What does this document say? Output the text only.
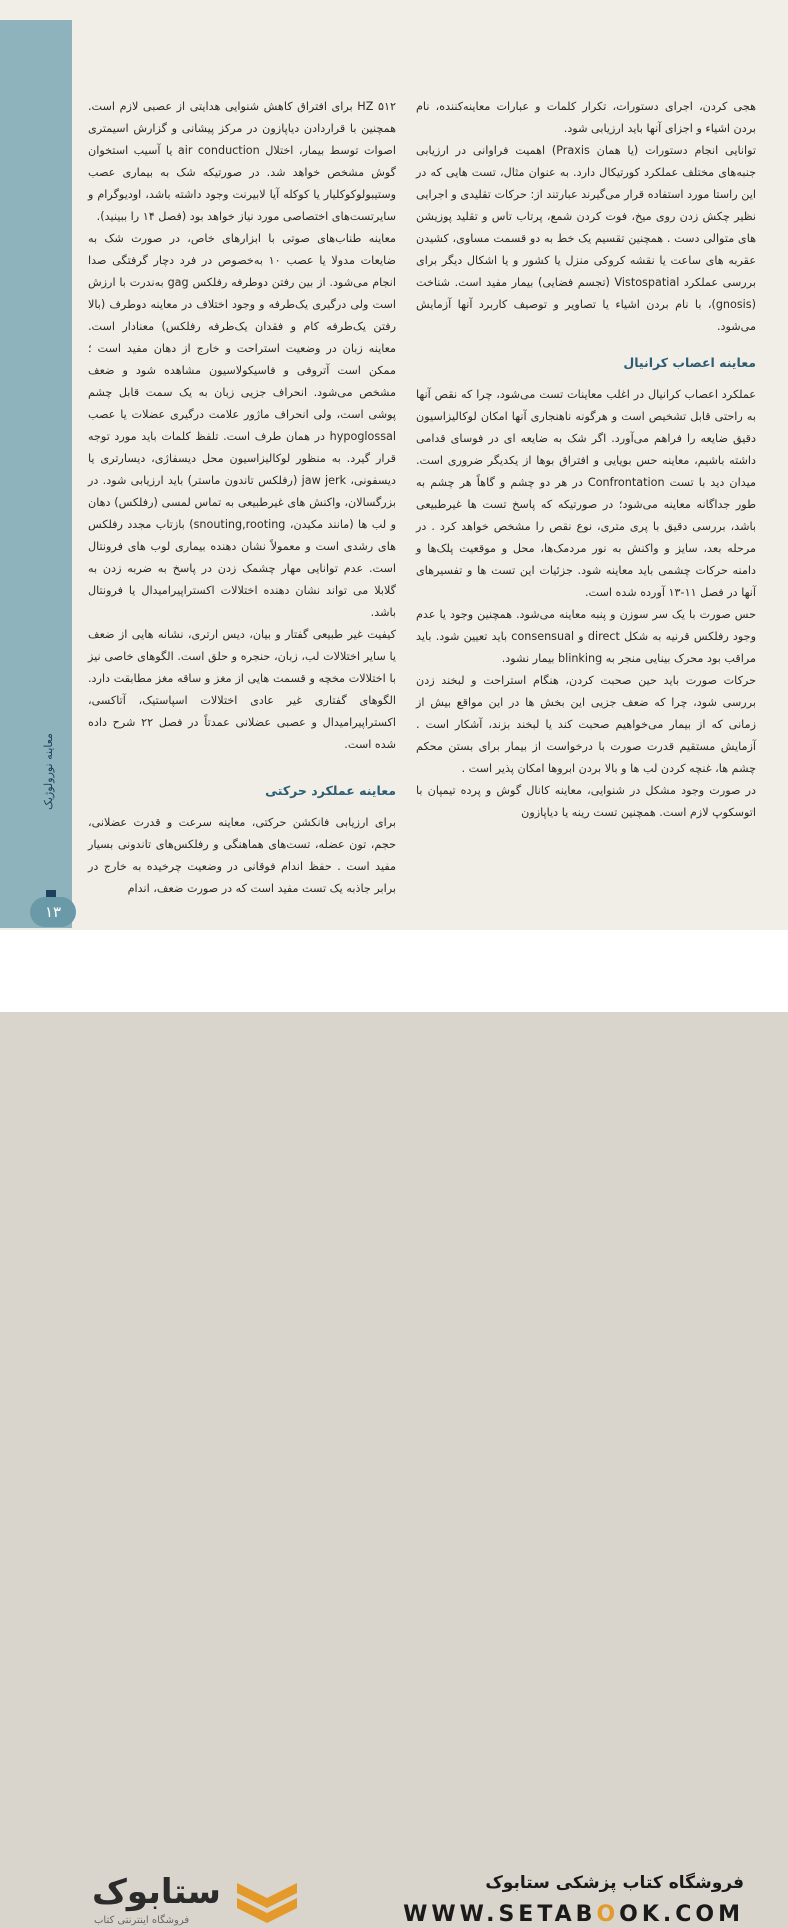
معاینه نورولوژیک
۱۳

هجی کردن، اجرای دستورات، تکرار کلمات و عبارات معاینه‌کننده، نام بردن اشیاء و اجزای آنها باید ارزیابی شود.

توانایی انجام دستورات (یا همان Praxis) اهمیت فراوانی در ارزیابی جنبه‌های مختلف عملکرد کورتیکال دارد. به عنوان مثال، تست هایی که در این راستا مورد استفاده قرار می‌گیرند عبارتند از: حرکات تقلیدی و اجرایی نظیر چکش زدن روی میخ، فوت کردن شمع، پرتاب تاس و تقلید پوزیشن های متوالی دست . همچنین تقسیم یک خط به دو قسمت مساوی، کشیدن عقربه های ساعت یا نقشه کروکی منزل یا کشور و یا اشکال دیگر برای بررسی عملکرد Vistospatial (تجسم فضایی) بیمار مفید است. شناخت (gnosis)، با نام بردن اشیاء یا تصاویر و توصیف کاربرد آنها آزمایش می‌شود.

معاینه اعصاب کرانیال

عملکرد اعصاب کرانیال در اغلب معاینات تست می‌شود، چرا که نقص آنها به راحتی قابل تشخیص است و هرگونه ناهنجاری آنها امکان لوکالیزاسیون دقیق ضایعه را فراهم می‌آورد. اگر شک به ضایعه ای در فوسای قدامی داشته باشیم، معاینه حس بویایی و افتراق بوها از یکدیگر ضروری است. میدان دید با تست Confrontation در هر دو چشم و گاهاً هر چشم به طور جداگانه معاینه می‌شود؛ در صورتیکه که پاسخ تست ها غیرطبیعی باشد، بررسی دقیق با پری متری، نوع نقص را مشخص خواهد کرد . در مرحله بعد، سایز و واکنش به نور مردمک‌ها، محل و موقعیت پلک‌ها و دامنه حرکات چشمی باید معاینه شود. جزئیات این تست ها و تفسیرهای آنها در فصل ۱۱-۱۳ آورده شده است.

حس صورت با یک سر سوزن و پنبه معاینه می‌شود. همچنین وجود یا عدم وجود رفلکس قرنیه به شکل direct و consensual باید تعیین شود. باید مراقب بود محرک بینایی منجر به blinking بیمار نشود.

حرکات صورت باید حین صحبت کردن، هنگام استراحت و لبخند زدن بررسی شود، چرا که ضعف جزیی این بخش ها در این مواقع بیش از زمانی که از بیمار می‌خواهیم صحبت کند یا لبخند بزند، آشکار است . آزمایش مستقیم قدرت صورت با درخواست از بیمار برای بستن محکم چشم ها، غنچه کردن لب ها و بالا بردن ابروها امکان پذیر است .

در صورت وجود مشکل در شنوایی، معاینه کانال گوش و پرده تیمپان با اتوسکوپ لازم است. همچنین تست رینه یا دیاپازون

۵۱۲ HZ برای افتراق کاهش شنوایی هدایتی از عصبی لازم است. همچنین با قراردادن دیاپازون در مرکز پیشانی و گزارش اسیمتری اصوات توسط بیمار، اختلال air conduction یا آسیب استخوان گوش مشخص خواهد شد. در صورتیکه شک به بیماری عصب وستیبولوکوکلیار یا کوکله آیا لابیرنت وجود داشته باشد، اودیوگرام و سایرتست‌های اختصاصی مورد نیاز خواهد بود (فصل ۱۴ را ببینید).

معاینه طناب‌های صوتی با ابزارهای خاص، در صورت شک به ضایعات مدولا یا عصب ۱۰ به‌خصوص در فرد دچار گرفتگی صدا انجام می‌شود. از بین رفتن دوطرفه رفلکس gag به‌ندرت با ارزش است ولی درگیری یک‌طرفه و وجود اختلاف در معاینه دوطرف (بالا رفتن یک‌طرفه کام و فقدان یک‌طرفه رفلکس) معنادار است. معاینه زبان در وضعیت استراحت و خارج از دهان مفید است ؛ممکن است آتروفی و فاسیکولاسیون مشاهده شود و ضعف مشخص می‌شود. انحراف جزیی زبان به یک سمت قابل چشم پوشی است، ولی انحراف ماژور علامت درگیری عضلات یا عصب hypoglossal در همان طرف است. تلفظ کلمات باید مورد توجه قرار گیرد. به منظور لوکالیزاسیون محل دیسفاژی، دیسارتری یا دیسفونی، jaw jerk (رفلکس تاندون ماستر) باید ارزیابی شود. در بزرگسالان، واکنش های غیرطبیعی به تماس لمسی (رفلکس) دهان و لب ها (مانند مکیدن، snouting,rooting) بازتاب مجدد رفلکس های رشدی است و معمولاً نشان دهنده بیماری لوب های فرونتال است. عدم توانایی مهار چشمک زدن در پاسخ به ضربه زدن به گلابلا می تواند نشان دهنده اختلالات اکستراپیرامیدال یا فرونتال باشد.

کیفیت غیر طبیعی گفتار و بیان، دیس ارتری، نشانه هایی از ضعف یا سایر اختلالات لب، زبان، حنجره و حلق است. الگوهای خاصی نیز با اختلالات مخچه و قسمت هایی از مغز و ساقه مغز مطابقت دارد. الگوهای گفتاری غیر عادی اختلالات اسپاستیک، آتاکسی، اکستراپیرامیدال و عصبی عضلانی عمدتاً در فصل ۲۲ شرح داده شده است.

معاینه عملکرد حرکتی

برای ارزیابی فانکشن حرکتی، معاینه سرعت و قدرت عضلانی، حجم، تون عضله، تست‌های هماهنگی و رفلکس‌های تاندونی بسیار مفید است . حفظ اندام فوقانی در وضعیت چرخیده به خارج در برابر جاذبه یک تست مفید است که در صورت ضعف، اندام

ستابوک
فروشگاه اینترنتی کتاب
فروشگاه کتاب پزشکی ستابوک
WWW.SETABOOK.COM
